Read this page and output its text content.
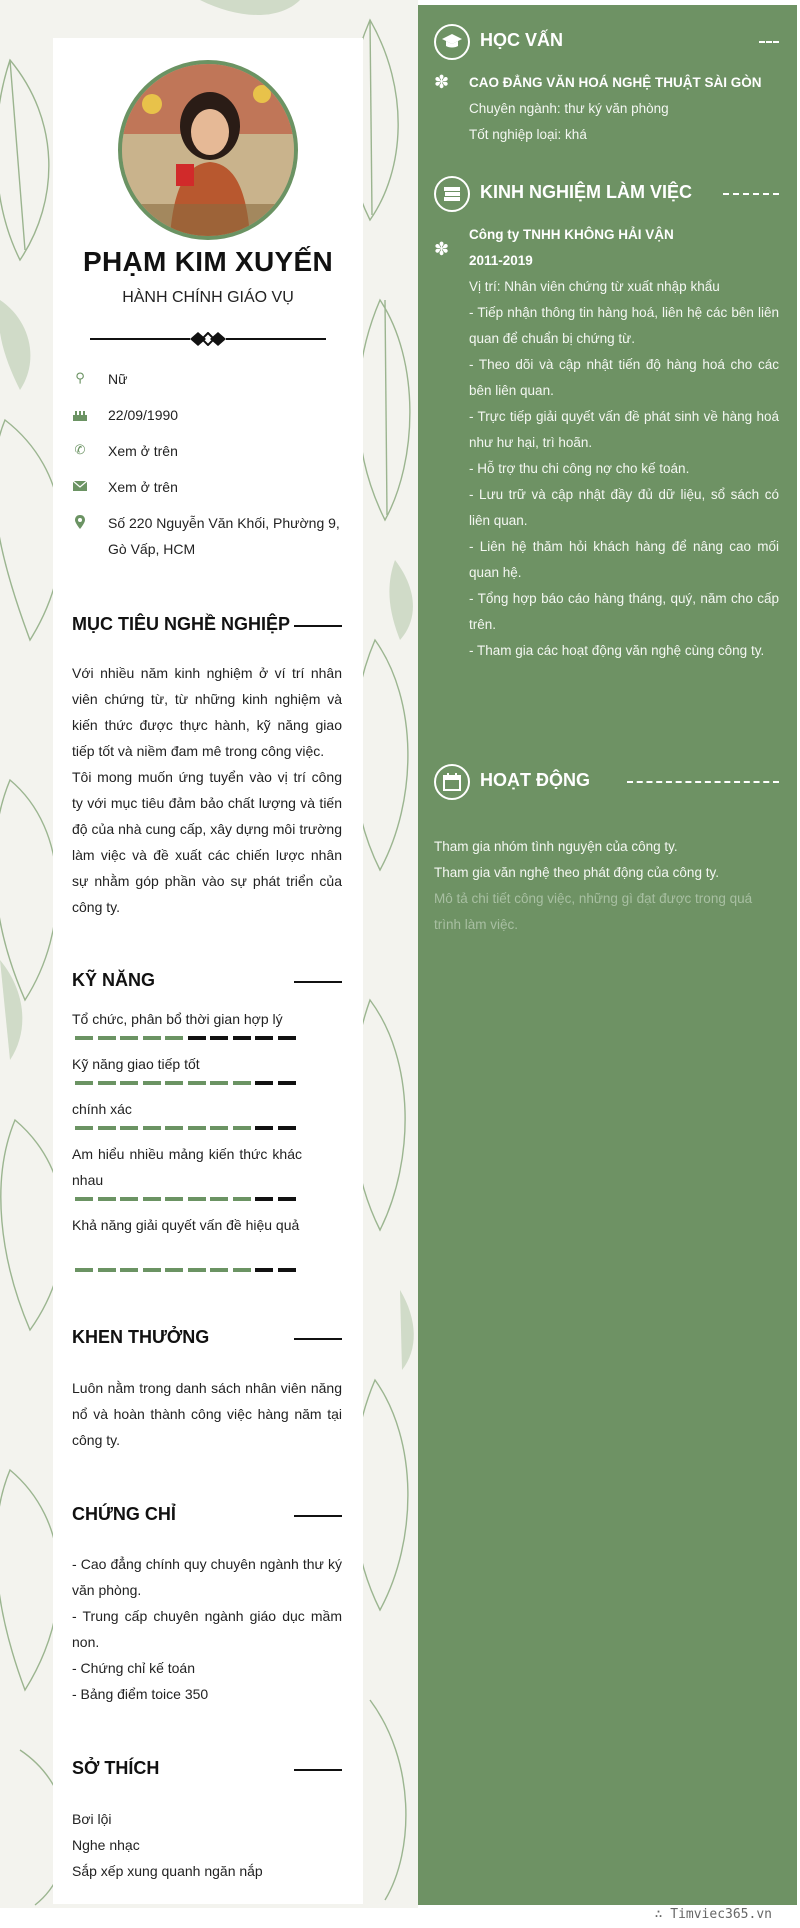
PHẠM KIM XUYẾN
HÀNH CHÍNH GIÁO VỤ
⚲ Nữ
22/09/1990
✆ Xem ở trên
Xem ở trên
Số 220 Nguyễn Văn Khối, Phường 9, Gò Vấp, HCM
MỤC TIÊU NGHỀ NGHIỆP
Với nhiều năm kinh nghiệm ở ví trí nhân viên chứng từ, từ những kinh nghiệm và kiến thức được thực hành, kỹ năng giao tiếp tốt và niềm đam mê trong công việc.
Tôi mong muốn ứng tuyển vào vị trí công ty với mục tiêu đảm bảo chất lượng và tiến độ của nhà cung cấp, xây dựng môi trường làm việc và đề xuất các chiến lược nhân sự nhằm góp phần vào sự phát triển của công ty.
KỸ NĂNG
Tổ chức, phân bổ thời gian hợp lý
Kỹ năng giao tiếp tốt
chính xác
Am hiểu nhiều mảng kiến thức khác nhau
Khả năng giải quyết vấn đề hiệu quả
KHEN THƯỞNG
Luôn nằm trong danh sách nhân viên năng nổ và hoàn thành công việc hàng năm tại công ty.
CHỨNG CHỈ
- Cao đẳng chính quy chuyên ngành thư ký văn phòng.
- Trung cấp chuyên ngành giáo dục mầm non.
- Chứng chỉ kế toán
- Bảng điểm toice 350
SỞ THÍCH
Bơi lội
Nghe nhạc
Sắp xếp xung quanh ngăn nắp
HỌC VẤN
✽ CAO ĐẲNG VĂN HOÁ NGHỆ THUẬT SÀI GÒN
Chuyên ngành: thư ký văn phòng
Tốt nghiệp loại: khá
KINH NGHIỆM LÀM VIỆC
✽
Công ty TNHH KHÔNG HẢI VẬN
2011-2019
Vị trí: Nhân viên chứng từ xuất nhập khẩu
- Tiếp nhận thông tin hàng hoá, liên hệ các bên liên quan để chuẩn bị chứng từ.
- Theo dõi và cập nhật tiến độ hàng hoá cho các bên liên quan.
- Trực tiếp giải quyết vấn đề phát sinh về hàng hoá như hư hại, trì hoãn.
- Hỗ trợ thu chi công nợ cho kế toán.
- Lưu trữ và cập nhật đầy đủ dữ liệu, sổ sách có liên quan.
- Liên hệ thăm hỏi khách hàng để nâng cao mối quan hệ.
- Tổng hợp báo cáo hàng tháng, quý, năm cho cấp trên.
- Tham gia các hoạt động văn nghệ cùng công ty.
HOẠT ĐỘNG
Tham gia nhóm tình nguyện của công ty.
Tham gia văn nghệ theo phát động của công ty.
Mô tả chi tiết công việc, những gì đạt được trong quá trình làm việc.
∴ Timviec365.vn
